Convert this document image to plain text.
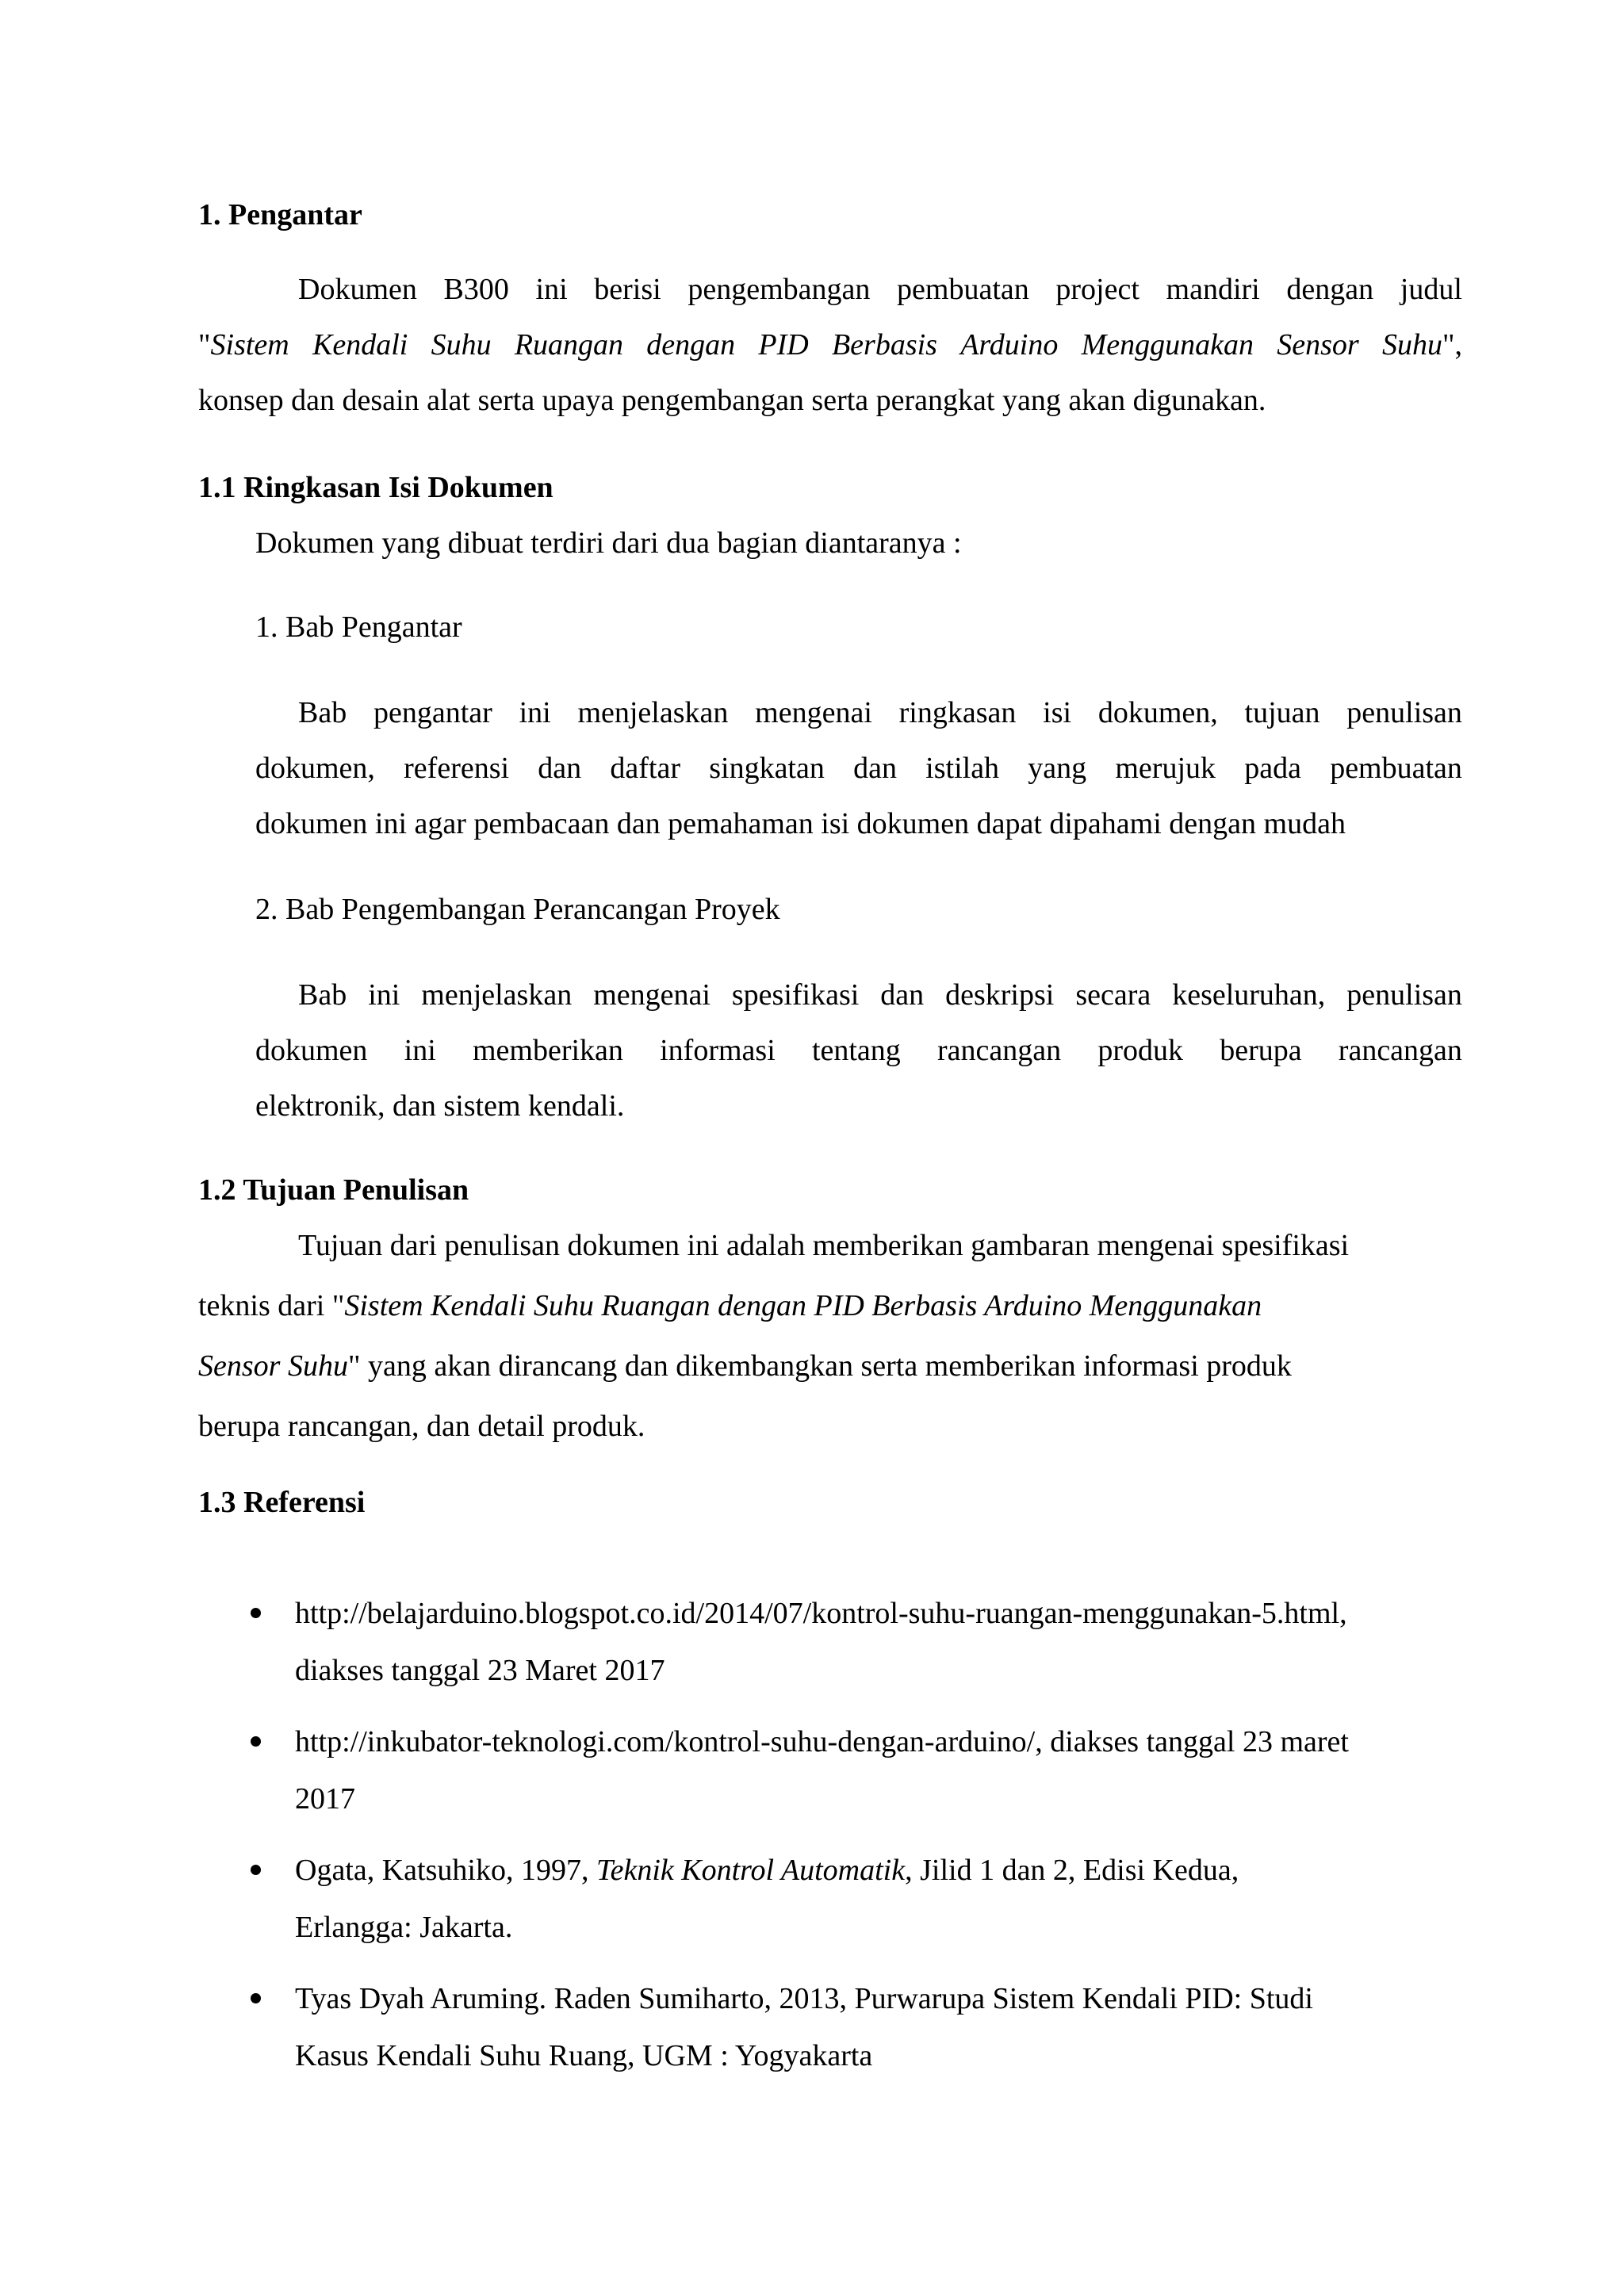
1. Pengantar
Dokumen B300 ini berisi pengembangan pembuatan project mandiri dengan judul
"Sistem Kendali Suhu Ruangan dengan PID Berbasis Arduino Menggunakan Sensor Suhu",
konsep dan desain alat serta upaya pengembangan serta perangkat yang akan digunakan.
1.1 Ringkasan Isi Dokumen
Dokumen yang dibuat terdiri dari dua bagian diantaranya :
1. Bab Pengantar
Bab pengantar ini menjelaskan mengenai ringkasan isi dokumen, tujuan penulisan
dokumen, referensi dan daftar singkatan dan istilah yang merujuk pada pembuatan
dokumen ini agar pembacaan dan pemahaman isi dokumen dapat dipahami dengan mudah
2. Bab Pengembangan Perancangan Proyek
Bab ini menjelaskan mengenai spesifikasi dan deskripsi secara keseluruhan, penulisan
dokumen ini memberikan informasi tentang rancangan produk berupa rancangan
elektronik, dan sistem kendali.
1.2 Tujuan Penulisan
Tujuan dari penulisan dokumen ini adalah memberikan gambaran mengenai spesifikasi
teknis dari "Sistem Kendali Suhu Ruangan dengan PID Berbasis Arduino Menggunakan
Sensor Suhu" yang akan dirancang dan dikembangkan serta memberikan informasi produk
berupa rancangan, dan detail produk.
1.3 Referensi
http://belajarduino.blogspot.co.id/2014/07/kontrol-suhu-ruangan-menggunakan-5.html,
diakses tanggal 23 Maret 2017
http://inkubator-teknologi.com/kontrol-suhu-dengan-arduino/, diakses tanggal 23 maret
2017
Ogata, Katsuhiko, 1997, Teknik Kontrol Automatik, Jilid 1 dan 2, Edisi Kedua,
Erlangga: Jakarta.
Tyas Dyah Aruming. Raden Sumiharto, 2013, Purwarupa Sistem Kendali PID: Studi
Kasus Kendali Suhu Ruang, UGM : Yogyakarta
